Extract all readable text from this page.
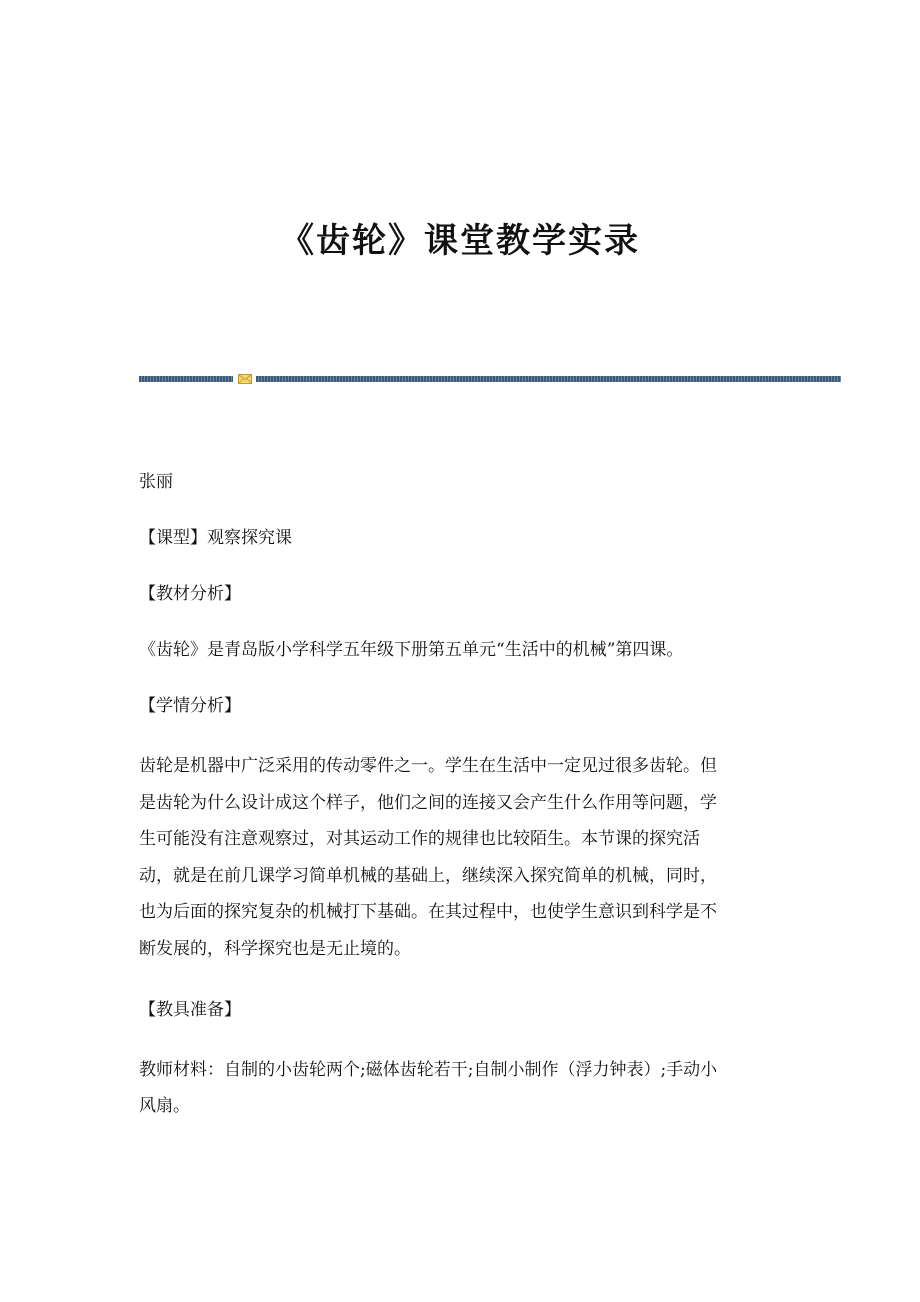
《齿轮》课堂教学实录
张丽
【课型】观察探究课
【教材分析】
《齿轮》是青岛版小学科学五年级下册第五单元“生活中的机械”第四课。
【学情分析】
齿轮是机器中广泛采用的传动零件之一。学生在生活中一定见过很多齿轮。但
是齿轮为什么设计成这个样子，他们之间的连接又会产生什么作用等问题，学
生可能没有注意观察过，对其运动工作的规律也比较陌生。本节课的探究活
动，就是在前几课学习简单机械的基础上，继续深入探究简单的机械，同时，
也为后面的探究复杂的机械打下基础。在其过程中，也使学生意识到科学是不
断发展的，科学探究也是无止境的。
【教具准备】
教师材料：自制的小齿轮两个;磁体齿轮若干;自制小制作（浮力钟表）;手动小
风扇。
